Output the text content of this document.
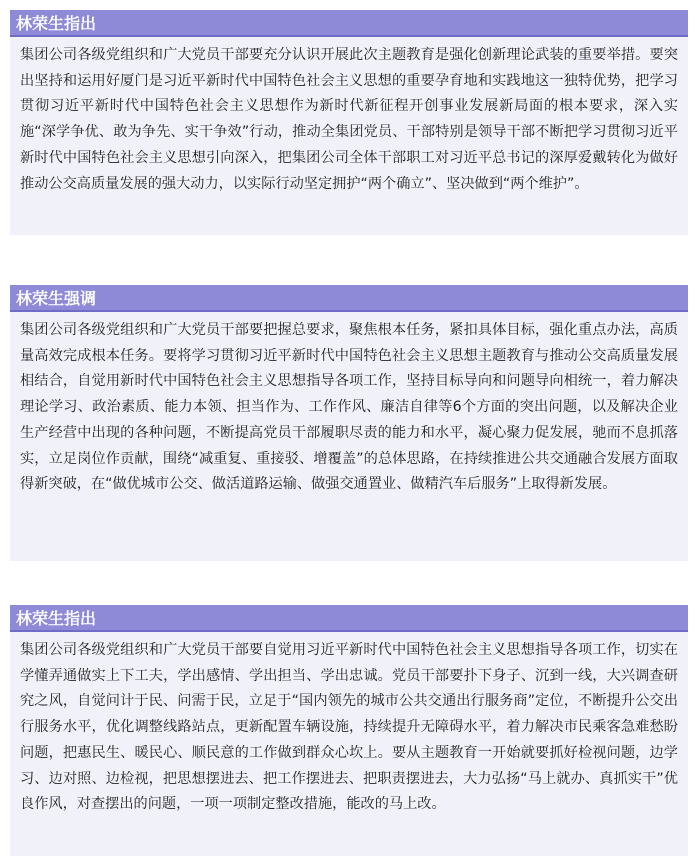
林荣生指出
集团公司各级党组织和广大党员干部要充分认识开展此次主题教育是强化创新理论武装的重要举措。要突出坚持和运用好厦门是习近平新时代中国特色社会主义思想的重要孕育地和实践地这一独特优势，把学习贯彻习近平新时代中国特色社会主义思想作为新时代新征程开创事业发展新局面的根本要求，深入实施“深学争优、敢为争先、实干争效”行动，推动全集团党员、干部特别是领导干部不断把学习贯彻习近平新时代中国特色社会主义思想引向深入，把集团公司全体干部职工对习近平总书记的深厚爱戴转化为做好推动公交高质量发展的强大动力，以实际行动坚定拥护“两个确立”、坚决做到“两个维护”。
林荣生强调
集团公司各级党组织和广大党员干部要把握总要求，聚焦根本任务，紧扣具体目标，强化重点办法，高质量高效完成根本任务。要将学习贯彻习近平新时代中国特色社会主义思想主题教育与推动公交高质量发展相结合，自觉用新时代中国特色社会主义思想指导各项工作，坚持目标导向和问题导向相统一，着力解决理论学习、政治素质、能力本领、担当作为、工作作风、廉洁自律等6个方面的突出问题，以及解决企业生产经营中出现的各种问题，不断提高党员干部履职尽责的能力和水平，凝心聚力促发展，驰而不息抓落实，立足岗位作贡献，围绕“减重复、重接驳、增覆盖”的总体思路，在持续推进公共交通融合发展方面取得新突破，在“做优城市公交、做活道路运输、做强交通置业、做精汽车后服务”上取得新发展。
林荣生指出
集团公司各级党组织和广大党员干部要自觉用习近平新时代中国特色社会主义思想指导各项工作，切实在学懂弄通做实上下工夫，学出感情、学出担当、学出忠诚。党员干部要扑下身子、沉到一线，大兴调查研究之风，自觉问计于民、问需于民，立足于“国内领先的城市公共交通出行服务商”定位，不断提升公交出行服务水平，优化调整线路站点，更新配置车辆设施，持续提升无障碍水平，着力解决市民乘客急难愁盼问题，把惠民生、暖民心、顺民意的工作做到群众心坎上。要从主题教育一开始就要抓好检视问题，边学习、边对照、边检视，把思想摆进去、把工作摆进去、把职责摆进去，大力弘扬“马上就办、真抓实干”优良作风，对查摆出的问题，一项一项制定整改措施，能改的马上改。
